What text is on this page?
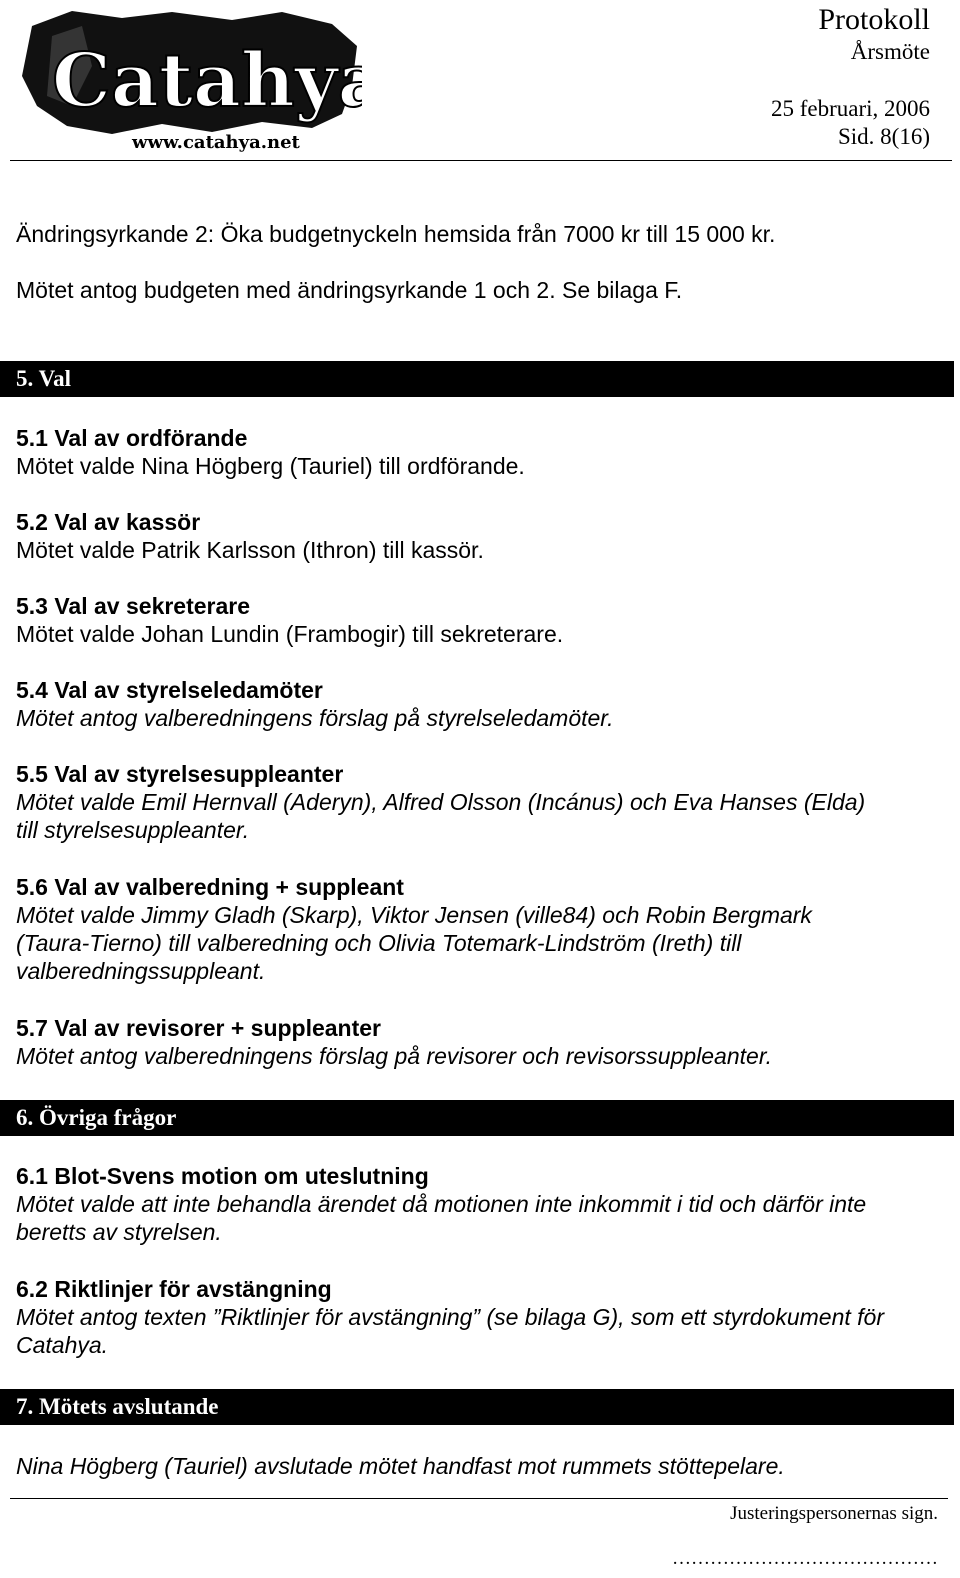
Catahya
www.catahya.net
Protokoll
Årsmöte
25 februari, 2006
Sid. 8(16)
Ändringsyrkande 2: Öka budgetnyckeln hemsida från 7000 kr till 15 000 kr.
Mötet antog budgeten med ändringsyrkande 1 och 2. Se bilaga F.
5. Val
5.1 Val av ordförande
Mötet valde Nina Högberg (Tauriel) till ordförande.
5.2 Val av kassör
Mötet valde Patrik Karlsson (Ithron) till kassör.
5.3 Val av sekreterare
Mötet valde Johan Lundin (Frambogir) till sekreterare.
5.4 Val av styrelseledamöter
Mötet antog valberedningens förslag på styrelseledamöter.
5.5 Val av styrelsesuppleanter
Mötet valde Emil Hernvall (Aderyn), Alfred Olsson (Incánus) och Eva Hanses (Elda)
till styrelsesuppleanter.
5.6 Val av valberedning + suppleant
Mötet valde Jimmy Gladh (Skarp), Viktor Jensen (ville84) och Robin Bergmark
(Taura-Tierno) till valberedning och Olivia Totemark-Lindström (Ireth) till
valberedningssuppleant.
5.7 Val av revisorer + suppleanter
Mötet antog valberedningens förslag på revisorer och revisorssuppleanter.
6. Övriga frågor
6.1 Blot-Svens motion om uteslutning
Mötet valde att inte behandla ärendet då motionen inte inkommit i tid och därför inte
beretts av styrelsen.
6.2 Riktlinjer för avstängning
Mötet antog texten ”Riktlinjer för avstängning” (se bilaga G), som ett styrdokument för
Catahya.
7. Mötets avslutande
Nina Högberg (Tauriel) avslutade mötet handfast mot rummets stöttepelare.
Justeringspersonernas sign.
……………………………………
